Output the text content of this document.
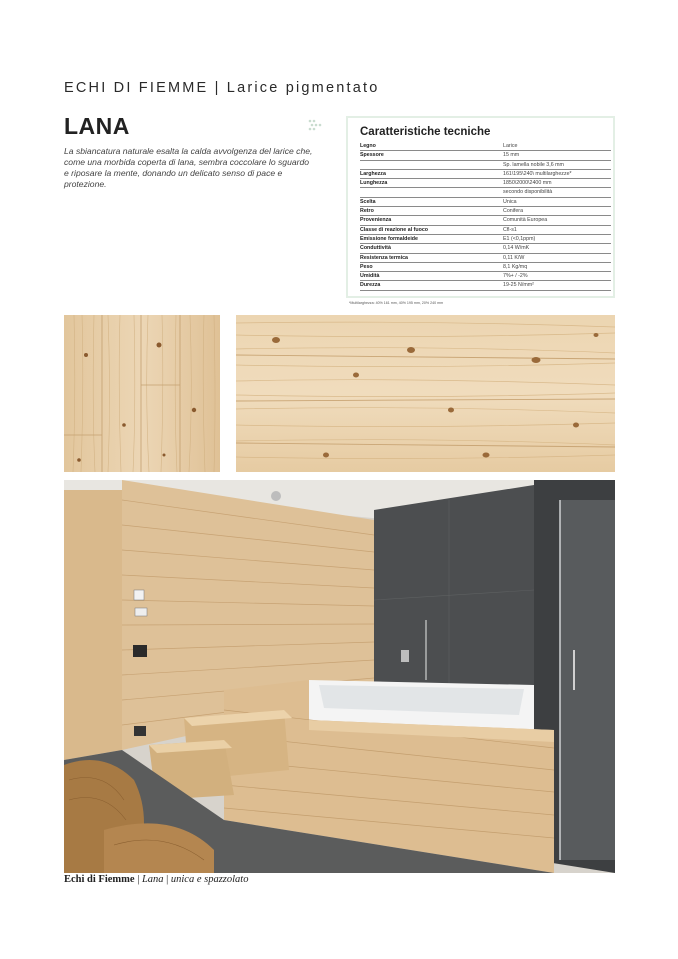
ECHI DI FIEMME | Larice pigmentato
LANA
La sbiancatura naturale esalta la calda avvolgenza del larice che, come una morbida coperta di lana, sembra coccolare lo sguardo e riposare la mente, donando un delicato senso di pace e protezione.
Caratteristiche tecniche
Legno	Larice
Spessore	15 mm
	Sp. lamella nobile 3,6 mm
Larghezza	161\195\240\ multilarghezze*
Lunghezza	1850\2000\2400 mm
	secondo disponibilità
Scelta	Unica
Retro	Conifera
Provenienza	Comunità Europea
Classe di reazione al fuoco	Cfl-s1
Emissione formaldeide	E1 (<0,1ppm)
Conduttività	0,14 W/mK
Resistenza termica	0,11 K/W
Peso	8,1 Kg/mq
Umidità	7%+ / -2%
Durezza	19-25 N/mm²
*Multilarghezza: 40% 161 mm, 40% 195 mm, 20% 240 mm
Echi di Fiemme | Lana | unica e spazzolato
